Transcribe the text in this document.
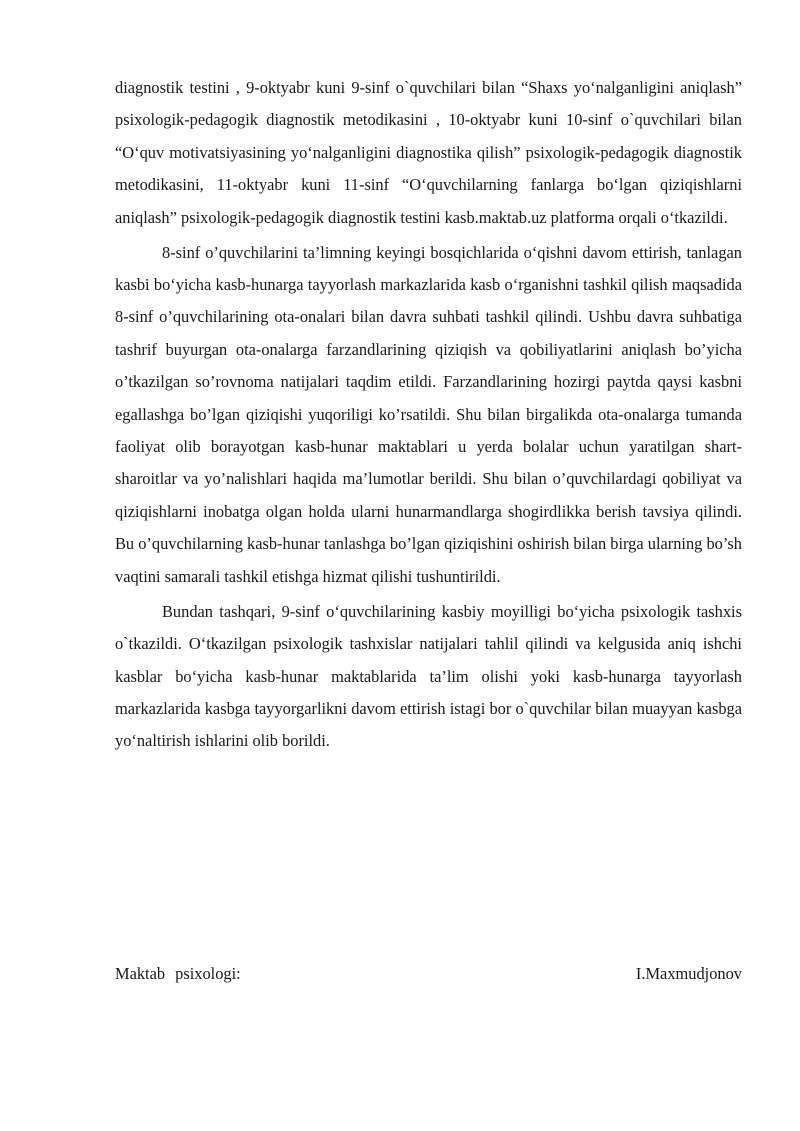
diagnostik testini , 9-oktyabr kuni 9-sinf o`quvchilari bilan “Shaxs yo‘nalganligini aniqlash” psixologik-pedagogik diagnostik metodikasini , 10-oktyabr kuni 10-sinf o`quvchilari bilan “O‘quv motivatsiyasining yo‘nalganligini diagnostika qilish” psixologik-pedagogik diagnostik metodikasini, 11-oktyabr kuni 11-sinf “O‘quvchilarning fanlarga bo‘lgan qiziqishlarni aniqlash” psixologik-pedagogik diagnostik testini kasb.maktab.uz platforma orqali o‘tkazildi.

8-sinf o’quvchilarini ta’limning keyingi bosqichlarida o‘qishni davom ettirish, tanlagan kasbi bo‘yicha kasb-hunarga tayyorlash markazlarida kasb o‘rganishni tashkil qilish maqsadida 8-sinf o’quvchilarining ota-onalari bilan davra suhbati tashkil qilindi. Ushbu davra suhbatiga tashrif buyurgan ota-onalarga farzandlarining qiziqish va qobiliyatlarini aniqlash bo’yicha o’tkazilgan so’rovnoma natijalari taqdim etildi. Farzandlarining hozirgi paytda qaysi kasbni egallashga bo’lgan qiziqishi yuqoriligi ko’rsatildi. Shu bilan birgalikda ota-onalarga tumanda faoliyat olib borayotgan kasb-hunar maktablari u yerda bolalar uchun yaratilgan shart-sharoitlar va yo’nalishlari haqida ma’lumotlar berildi. Shu bilan o’quvchilardagi qobiliyat va qiziqishlarni inobatga olgan holda ularni hunarmandlarga shogirdlikka berish tavsiya qilindi. Bu o’quvchilarning kasb-hunar tanlashga bo’lgan qiziqishini oshirish bilan birga ularning bo’sh vaqtini samarali tashkil etishga hizmat qilishi tushuntirildi.

Bundan tashqari, 9-sinf o‘quvchilarining kasbiy moyilligi bo‘yicha psixologik tashxis o`tkazildi. O‘tkazilgan psixologik tashxislar natijalari tahlil qilindi va kelgusida aniq ishchi kasblar bo‘yicha kasb-hunar maktablarida ta’lim olishi yoki kasb-hunarga tayyorlash markazlarida kasbga tayyorgarlikni davom ettirish istagi bor o`quvchilar bilan muayyan kasbga yo‘naltirish ishlarini olib borildi.

Maktab psixologi:	I.Maxmudjonov
